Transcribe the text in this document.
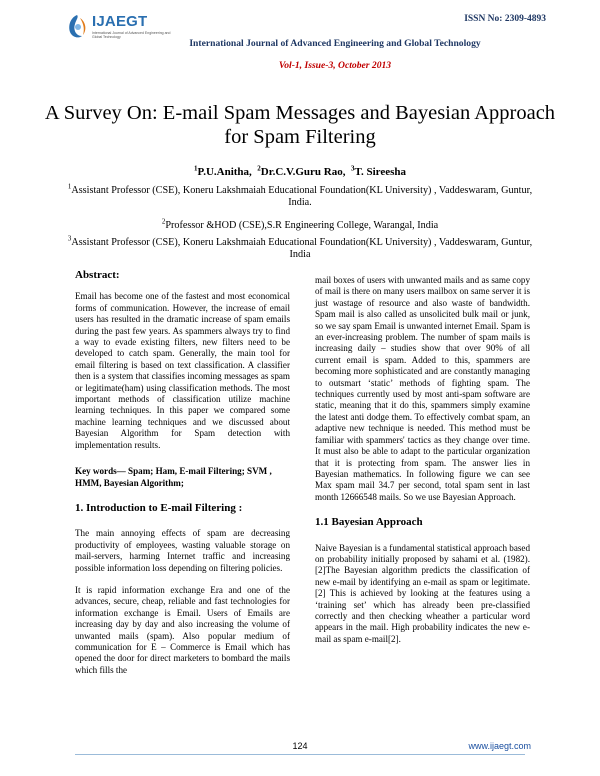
IJAEGT
International Journal of Advanced Engineering and Global Technology
ISSN No: 2309-4893
International Journal of Advanced Engineering and Global Technology
Vol-1, Issue-3, October 2013
A Survey On: E-mail Spam Messages and Bayesian Approach for Spam Filtering
$^1$P.U.Anitha, $^2$Dr.C.V.Guru Rao, $^3$T. Sireesha
$^1$Assistant Professor (CSE), Koneru Lakshmaiah Educational Foundation(KL University) , Vaddeswaram, Guntur, India.
$^2$Professor &HOD (CSE),S.R Engineering College, Warangal, India
$^3$Assistant Professor (CSE), Koneru Lakshmaiah Educational Foundation(KL University) , Vaddeswaram, Guntur, India
Abstract:

Email has become one of the fastest and most economical forms of communication. However, the increase of email users has resulted in the dramatic increase of spam emails during the past few years. As spammers always try to find a way to evade existing filters, new filters need to be developed to catch spam. Generally, the main tool for email filtering is based on text classification. A classifier then is a system that classifies incoming messages as spam or legitimate(ham) using classification methods. The most important methods of classification utilize machine learning techniques. In this paper we compared some machine learning techniques and we discussed about Bayesian Algorithm for Spam detection with implementation results.

Key words— Spam; Ham, E-mail Filtering; SVM , HMM, Bayesian Algorithm;

1. Introduction to E-mail Filtering :

The main annoying effects of spam are decreasing productivity of employees, wasting valuable storage on mail-servers, harming Internet traffic and increasing possible information loss depending on filtering policies.

It is rapid information exchange Era and one of the advances, secure, cheap, reliable and fast technologies for information exchange is Email. Users of Emails are increasing day by day and also increasing the volume of unwanted mails (spam). Also popular medium of communication for E – Commerce is Email which has opened the door for direct marketers to bombard the mails which fills the

mail boxes of users with unwanted mails and as same copy of mail is there on many users mailbox on same server it is just wastage of resource and also waste of bandwidth. Spam mail is also called as unsolicited bulk mail or junk, so we say spam Email is unwanted internet Email. Spam is an ever-increasing problem. The number of spam mails is increasing daily – studies show that over 90% of all current email is spam. Added to this, spammers are becoming more sophisticated and are constantly managing to outsmart ‘static’ methods of fighting spam. The techniques currently used by most anti-spam software are static, meaning that it do this, spammers simply examine the latest anti dodge them. To effectively combat spam, an adaptive new technique is needed. This method must be familiar with spammers' tactics as they change over time. It must also be able to adapt to the particular organization that it is protecting from spam. The answer lies in Bayesian mathematics. In following figure we can see Max spam mail 34.7 per second, total spam sent in last month 12666548 mails. So we use Bayesian Approach.

1.1 Bayesian Approach

Naive Bayesian is a fundamental statistical approach based on probability initially proposed by sahami et al. (1982). [2]The Bayesian algorithm predicts the classification of new e-mail by identifying an e-mail as spam or legitimate.[2] This is achieved by looking at the features using a ‘training set’ which has already been pre-classified correctly and then checking wheather a particular word appears in the mail. High probability indicates the new e-mail as spam e-mail[2].

124	www.ijaegt.com
